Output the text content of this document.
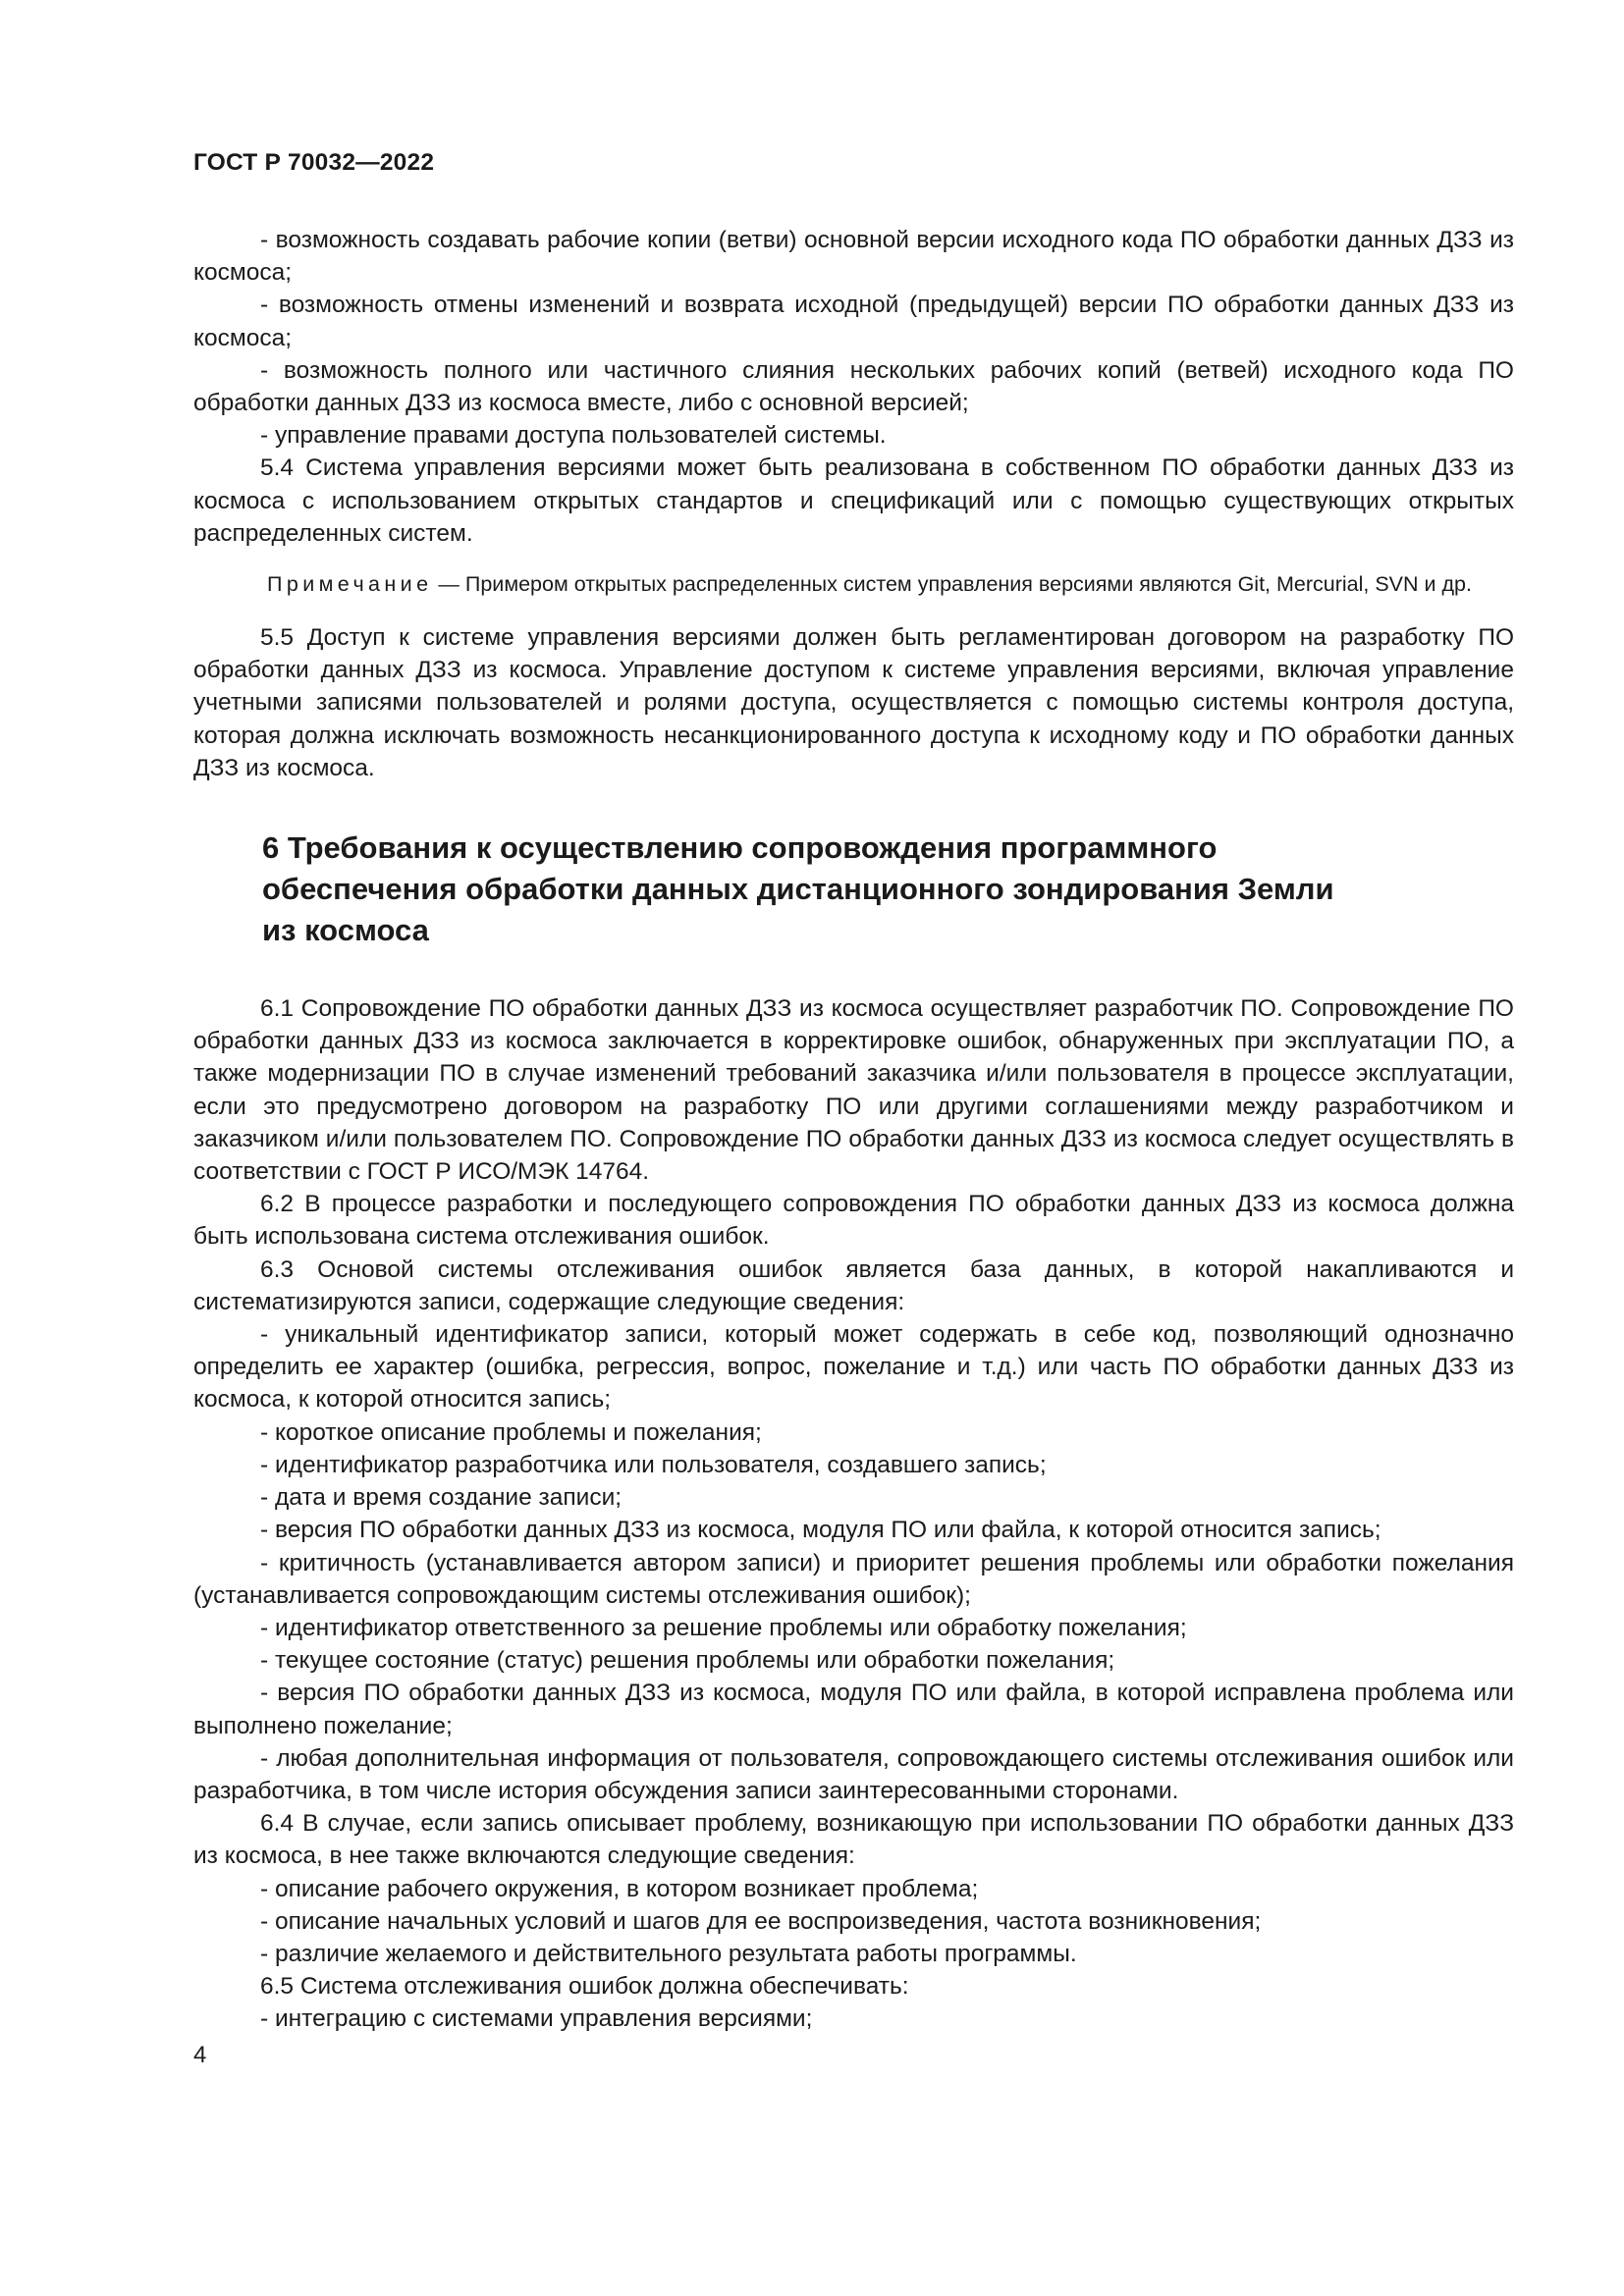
ГОСТ Р 70032—2022

- возможность создавать рабочие копии (ветви) основной версии исходного кода ПО обработки данных ДЗЗ из космоса;

- возможность отмены изменений и возврата исходной (предыдущей) версии ПО обработки данных ДЗЗ из космоса;

- возможность полного или частичного слияния нескольких рабочих копий (ветвей) исходного кода ПО обработки данных ДЗЗ из космоса вместе, либо с основной версией;

- управление правами доступа пользователей системы.

5.4 Система управления версиями может быть реализована в собственном ПО обработки данных ДЗЗ из космоса с использованием открытых стандартов и спецификаций или с помощью существующих открытых распределенных систем.

Примечание — Примером открытых распределенных систем управления версиями являются Git, Mercurial, SVN и др.

5.5 Доступ к системе управления версиями должен быть регламентирован договором на разработку ПО обработки данных ДЗЗ из космоса. Управление доступом к системе управления версиями, включая управление учетными записями пользователей и ролями доступа, осуществляется с помощью системы контроля доступа, которая должна исключать возможность несанкционированного доступа к исходному коду и ПО обработки данных ДЗЗ из космоса.

6 Требования к осуществлению сопровождения программного
обеспечения обработки данных дистанционного зондирования Земли
из космоса

6.1 Сопровождение ПО обработки данных ДЗЗ из космоса осуществляет разработчик ПО. Сопровождение ПО обработки данных ДЗЗ из космоса заключается в корректировке ошибок, обнаруженных при эксплуатации ПО, а также модернизации ПО в случае изменений требований заказчика и/или пользователя в процессе эксплуатации, если это предусмотрено договором на разработку ПО или другими соглашениями между разработчиком и заказчиком и/или пользователем ПО. Сопровождение ПО обработки данных ДЗЗ из космоса следует осуществлять в соответствии с ГОСТ Р ИСО/МЭК 14764.

6.2 В процессе разработки и последующего сопровождения ПО обработки данных ДЗЗ из космоса должна быть использована система отслеживания ошибок.

6.3 Основой системы отслеживания ошибок является база данных, в которой накапливаются и систематизируются записи, содержащие следующие сведения:

- уникальный идентификатор записи, который может содержать в себе код, позволяющий однозначно определить ее характер (ошибка, регрессия, вопрос, пожелание и т.д.) или часть ПО обработки данных ДЗЗ из космоса, к которой относится запись;

- короткое описание проблемы и пожелания;

- идентификатор разработчика или пользователя, создавшего запись;

- дата и время создание записи;

- версия ПО обработки данных ДЗЗ из космоса, модуля ПО или файла, к которой относится запись;

- критичность (устанавливается автором записи) и приоритет решения проблемы или обработки пожелания (устанавливается сопровождающим системы отслеживания ошибок);

- идентификатор ответственного за решение проблемы или обработку пожелания;

- текущее состояние (статус) решения проблемы или обработки пожелания;

- версия ПО обработки данных ДЗЗ из космоса, модуля ПО или файла, в которой исправлена проблема или выполнено пожелание;

- любая дополнительная информация от пользователя, сопровождающего системы отслеживания ошибок или разработчика, в том числе история обсуждения записи заинтересованными сторонами.

6.4 В случае, если запись описывает проблему, возникающую при использовании ПО обработки данных ДЗЗ из космоса, в нее также включаются следующие сведения:

- описание рабочего окружения, в котором возникает проблема;

- описание начальных условий и шагов для ее воспроизведения, частота возникновения;

- различие желаемого и действительного результата работы программы.

6.5 Система отслеживания ошибок должна обеспечивать:

- интеграцию с системами управления версиями;

4
